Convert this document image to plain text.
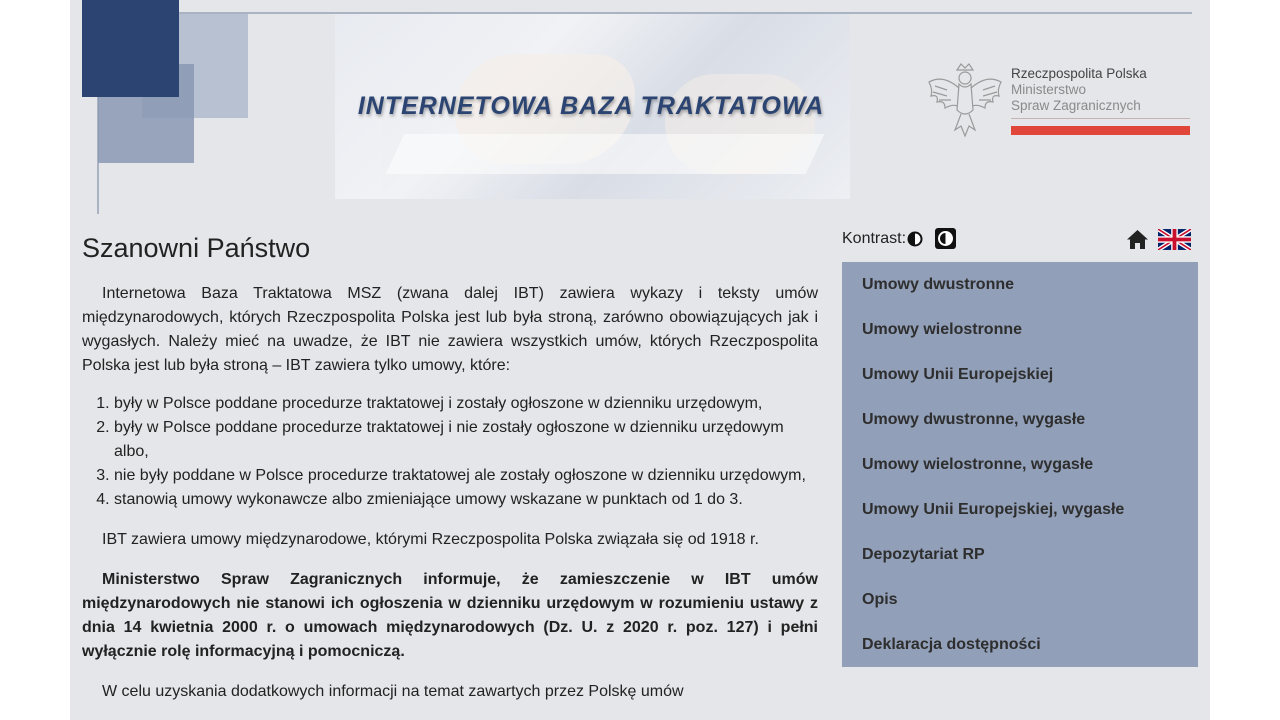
INTERNETOWA BAZA TRAKTATOWA
Rzeczpospolita Polska
Ministerstwo
Spraw Zagranicznych
Szanowni Państwo

Internetowa Baza Traktatowa MSZ (zwana dalej IBT) zawiera wykazy i teksty umów międzynarodowych, których Rzeczpospolita Polska jest lub była stroną, zarówno obowiązujących jak i wygasłych. Należy mieć na uwadze, że IBT nie zawiera wszystkich umów, których Rzeczpospolita Polska jest lub była stroną – IBT zawiera tylko umowy, które:

1. były w Polsce poddane procedurze traktatowej i zostały ogłoszone w dzienniku urzędowym,
2. były w Polsce poddane procedurze traktatowej i nie zostały ogłoszone w dzienniku urzędowym albo,
3. nie były poddane w Polsce procedurze traktatowej ale zostały ogłoszone w dzienniku urzędowym,
4. stanowią umowy wykonawcze albo zmieniające umowy wskazane w punktach od 1 do 3.

IBT zawiera umowy międzynarodowe, którymi Rzeczpospolita Polska związała się od 1918 r.

Ministerstwo Spraw Zagranicznych informuje, że zamieszczenie w IBT umów międzynarodowych nie stanowi ich ogłoszenia w dzienniku urzędowym w rozumieniu ustawy z dnia 14 kwietnia 2000 r. o umowach międzynarodowych (Dz. U. z 2020 r. poz. 127) i pełni wyłącznie rolę informacyjną i pomocniczą.

W celu uzyskania dodatkowych informacji na temat zawartych przez Polskę umów

Kontrast:
Umowy dwustronne
Umowy wielostronne
Umowy Unii Europejskiej
Umowy dwustronne, wygasłe
Umowy wielostronne, wygasłe
Umowy Unii Europejskiej, wygasłe
Depozytariat RP
Opis
Deklaracja dostępności
